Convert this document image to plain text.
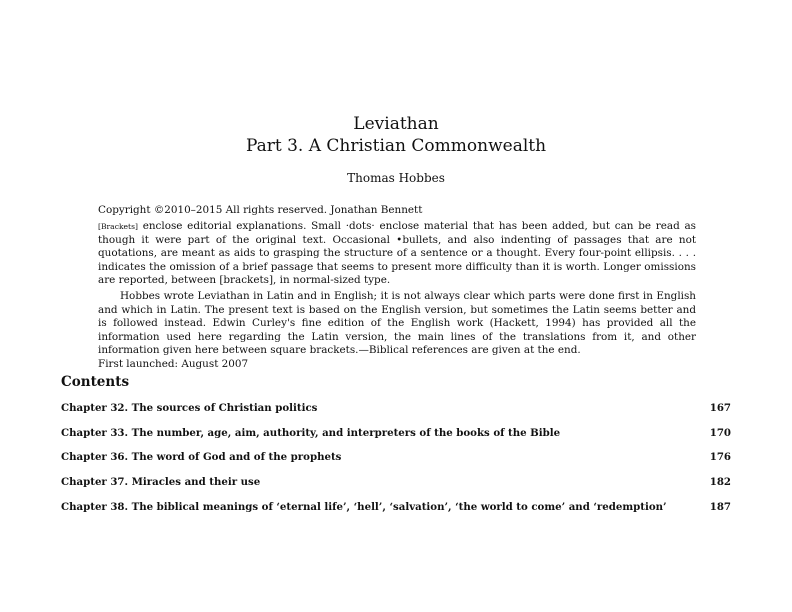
Leviathan
Part 3. A Christian Commonwealth
Thomas Hobbes
Copyright ©2010–2015 All rights reserved. Jonathan Bennett
[Brackets] enclose editorial explanations. Small ·dots· enclose material that has been added, but can be read as though it were part of the original text. Occasional •bullets, and also indenting of passages that are not quotations, are meant as aids to grasping the structure of a sentence or a thought. Every four-point ellipsis. . . . indicates the omission of a brief passage that seems to present more difficulty than it is worth. Longer omissions are reported, between [brackets], in normal-sized type.
Hobbes wrote Leviathan in Latin and in English; it is not always clear which parts were done first in English and which in Latin. The present text is based on the English version, but sometimes the Latin seems better and is followed instead. Edwin Curley's fine edition of the English work (Hackett, 1994) has provided all the information used here regarding the Latin version, the main lines of the translations from it, and other information given here between square brackets.—Biblical references are given at the end.
First launched: August 2007
Contents
Chapter 32. The sources of Christian politics	167
Chapter 33. The number, age, aim, authority, and interpreters of the books of the Bible	170
Chapter 36. The word of God and of the prophets	176
Chapter 37. Miracles and their use	182
Chapter 38. The biblical meanings of ‘eternal life’, ‘hell’, ‘salvation’, ‘the world to come’ and ‘redemption’	187
